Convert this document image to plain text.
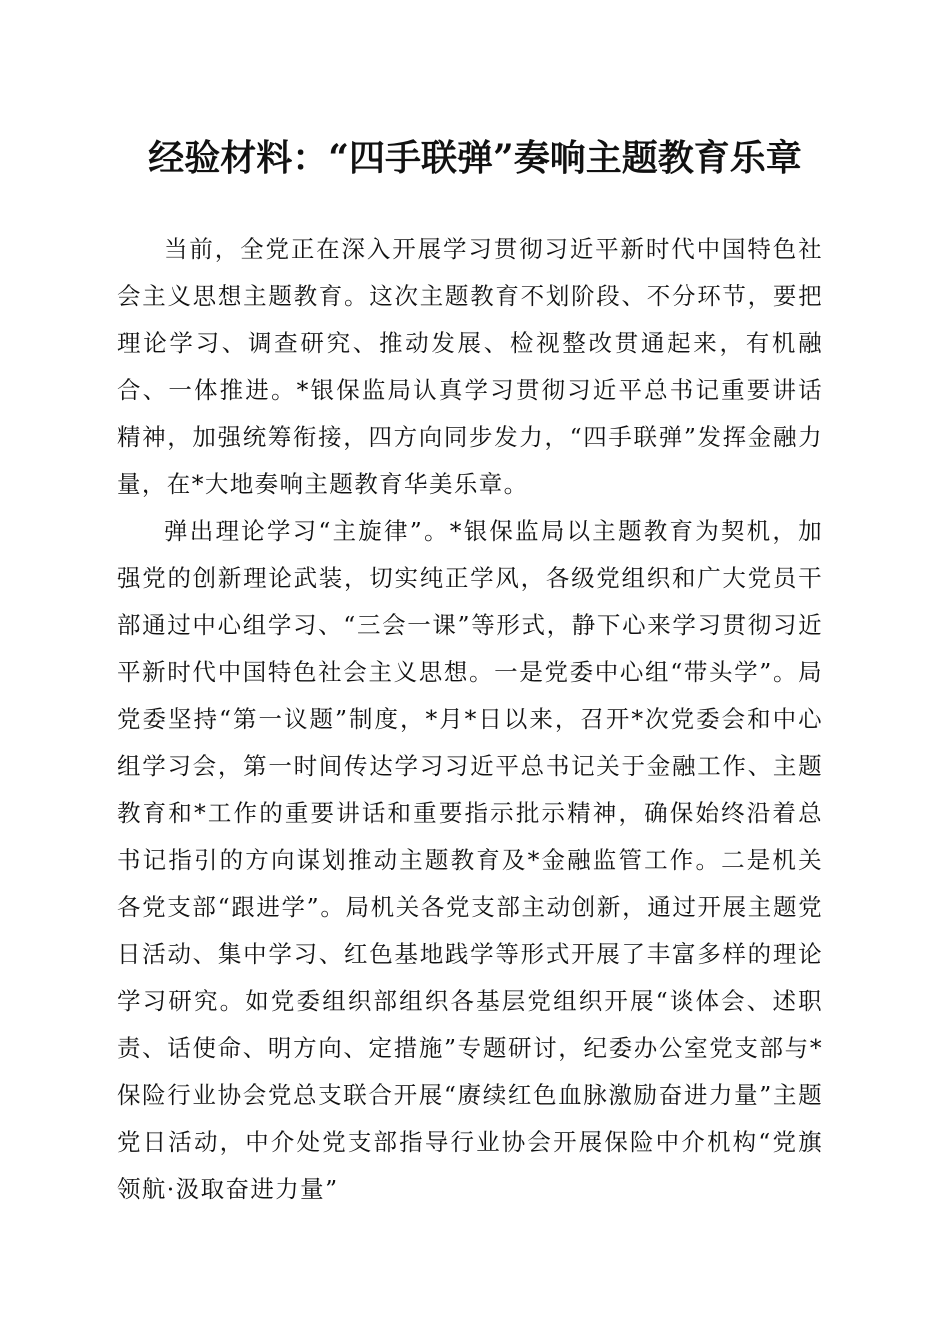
经验材料：“四手联弹”奏响主题教育乐章

当前，全党正在深入开展学习贯彻习近平新时代中国特色社会主义思想主题教育。这次主题教育不划阶段、不分环节，要把理论学习、调查研究、推动发展、检视整改贯通起来，有机融合、一体推进。*银保监局认真学习贯彻习近平总书记重要讲话精神，加强统筹衔接，四方向同步发力，“四手联弹”发挥金融力量，在*大地奏响主题教育华美乐章。

弹出理论学习“主旋律”。*银保监局以主题教育为契机，加强党的创新理论武装，切实纯正学风，各级党组织和广大党员干部通过中心组学习、“三会一课”等形式，静下心来学习贯彻习近平新时代中国特色社会主义思想。一是党委中心组“带头学”。局党委坚持“第一议题”制度，*月*日以来，召开*次党委会和中心组学习会，第一时间传达学习习近平总书记关于金融工作、主题教育和*工作的重要讲话和重要指示批示精神，确保始终沿着总书记指引的方向谋划推动主题教育及*金融监管工作。二是机关各党支部“跟进学”。局机关各党支部主动创新，通过开展主题党日活动、集中学习、红色基地践学等形式开展了丰富多样的理论学习研究。如党委组织部组织各基层党组织开展“谈体会、述职责、话使命、明方向、定措施”专题研讨，纪委办公室党支部与*保险行业协会党总支联合开展“赓续红色血脉激励奋进力量”主题党日活动，中介处党支部指导行业协会开展保险中介机构“党旗领航·汲取奋进力量”
